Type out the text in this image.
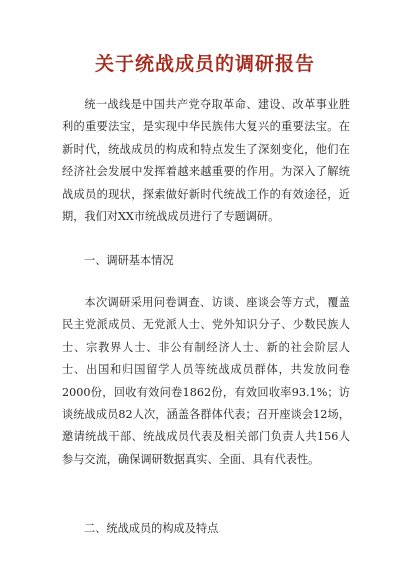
关于统战成员的调研报告

统一战线是中国共产党夺取革命、建设、改革事业胜利的重要法宝，是实现中华民族伟大复兴的重要法宝。在新时代，统战成员的构成和特点发生了深刻变化，他们在经济社会发展中发挥着越来越重要的作用。为深入了解统战成员的现状，探索做好新时代统战工作的有效途径，近期，我们对XX市统战成员进行了专题调研。

一、调研基本情况

本次调研采用问卷调查、访谈、座谈会等方式，覆盖民主党派成员、无党派人士、党外知识分子、少数民族人士、宗教界人士、非公有制经济人士、新的社会阶层人士、出国和归国留学人员等统战成员群体，共发放问卷2000份，回收有效问卷1862份，有效回收率93.1%；访谈统战成员82人次，涵盖各群体代表；召开座谈会12场，邀请统战干部、统战成员代表及相关部门负责人共156人参与交流，确保调研数据真实、全面、具有代表性。

二、统战成员的构成及特点
